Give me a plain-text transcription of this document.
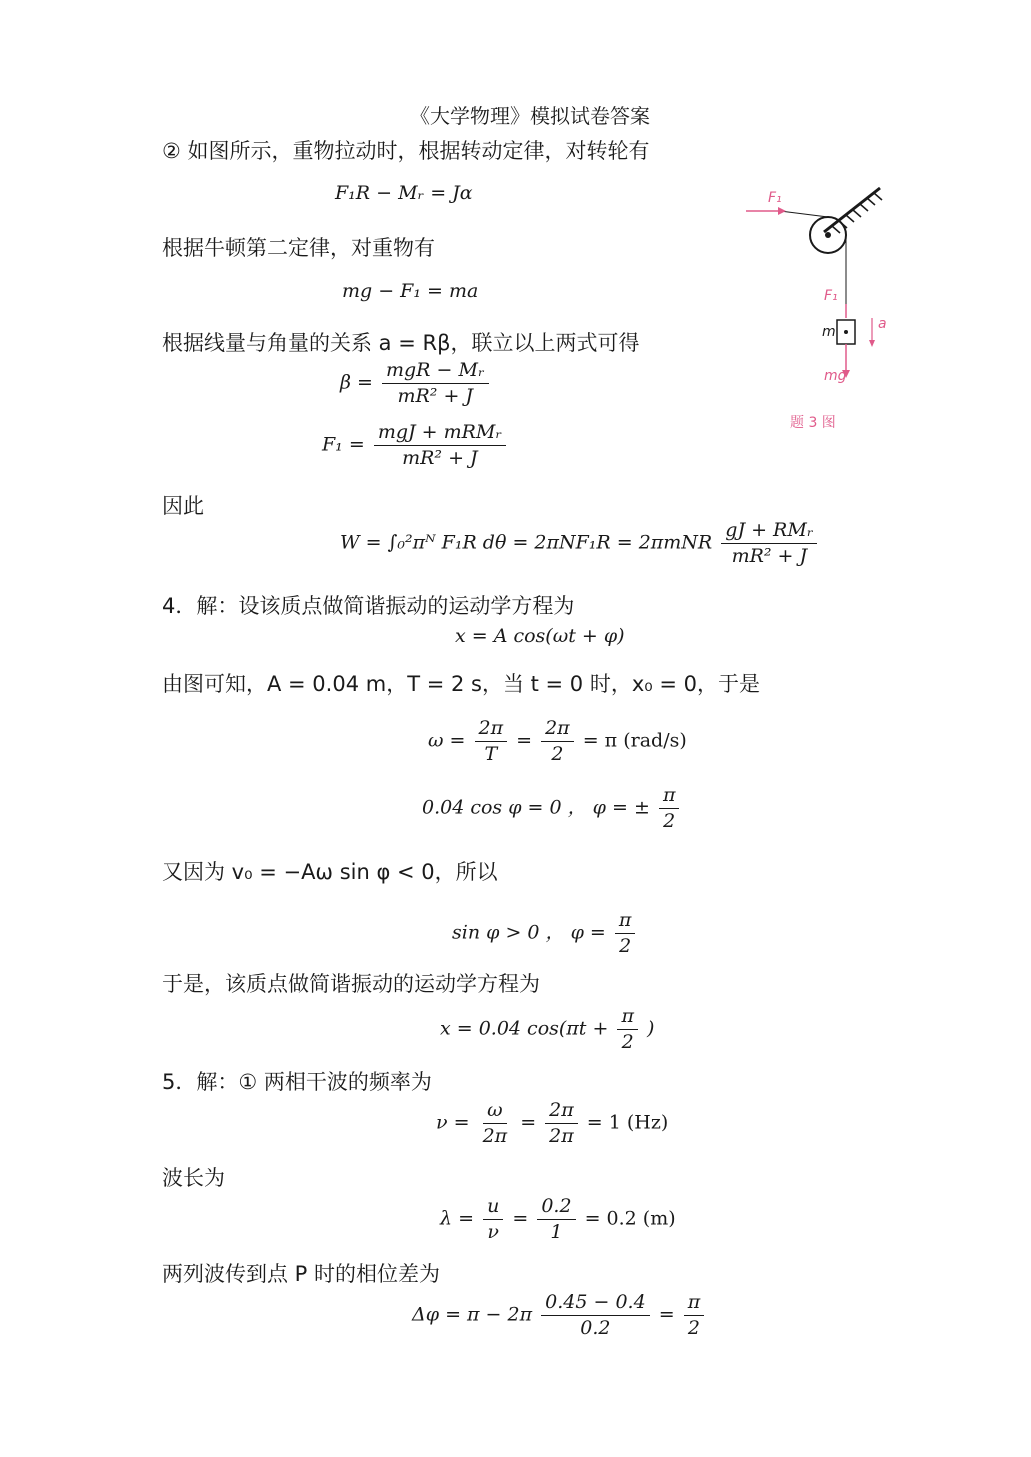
《大学物理》模拟试卷答案
② 如图所示，重物拉动时，根据转动定律，对转轮有
F₁R − Mᵣ = Jα
根据牛顿第二定律，对重物有
mg − F₁ = ma
根据线量与角量的关系 a = Rβ，联立以上两式可得
$\beta = \frac{\text{mgR − Mᵣ}}{\text{mR² + J}}$
$F_1 = \frac{\text{mgJ + mRMᵣ}}{\text{mR² + J}}$
因此
W = ∫₀²πᴺ F₁R $d\theta = 2\pi NF_1R = 2\pi mNR \frac{\text{gJ + RMᵣ}}{\text{mR² + J}}$
4．解：设该质点做简谐振动的运动学方程为
x = A cos(ωt + φ)
由图可知，A = 0.04 m，T = 2 s，当 t = 0 时，x₀ = 0，于是
$\omega = \frac{2\pi}{T} = \frac{2\pi}{2} = \pi$ (rad/s)
0.04 cos φ = 0 ， φ = ± $\frac{\pi}{2}$
又因为 v₀ = −Aω sin φ < 0，所以
sin φ > 0 ， $\varphi = \frac{\pi}{2}$
于是，该质点做简谐振动的运动学方程为
x = 0.04 $\cos(\pi t + \frac{\pi}{2}$ )
5．解：① 两相干波的频率为
$\nu = \frac{\omega}{2\pi} = \frac{2\pi}{2\pi} = 1$ (Hz)
波长为
$\lambda = \frac{u}{\nu} = \frac{0.2}{1} = 0.2$ (m)
两列波传到点 P 时的相位差为
$\Delta\varphi = \pi - 2\pi \frac{0.45 - 0.4}{0.2} = \frac{\pi}{2}$
F₁
F₁
m	a
mg
题 3 图
